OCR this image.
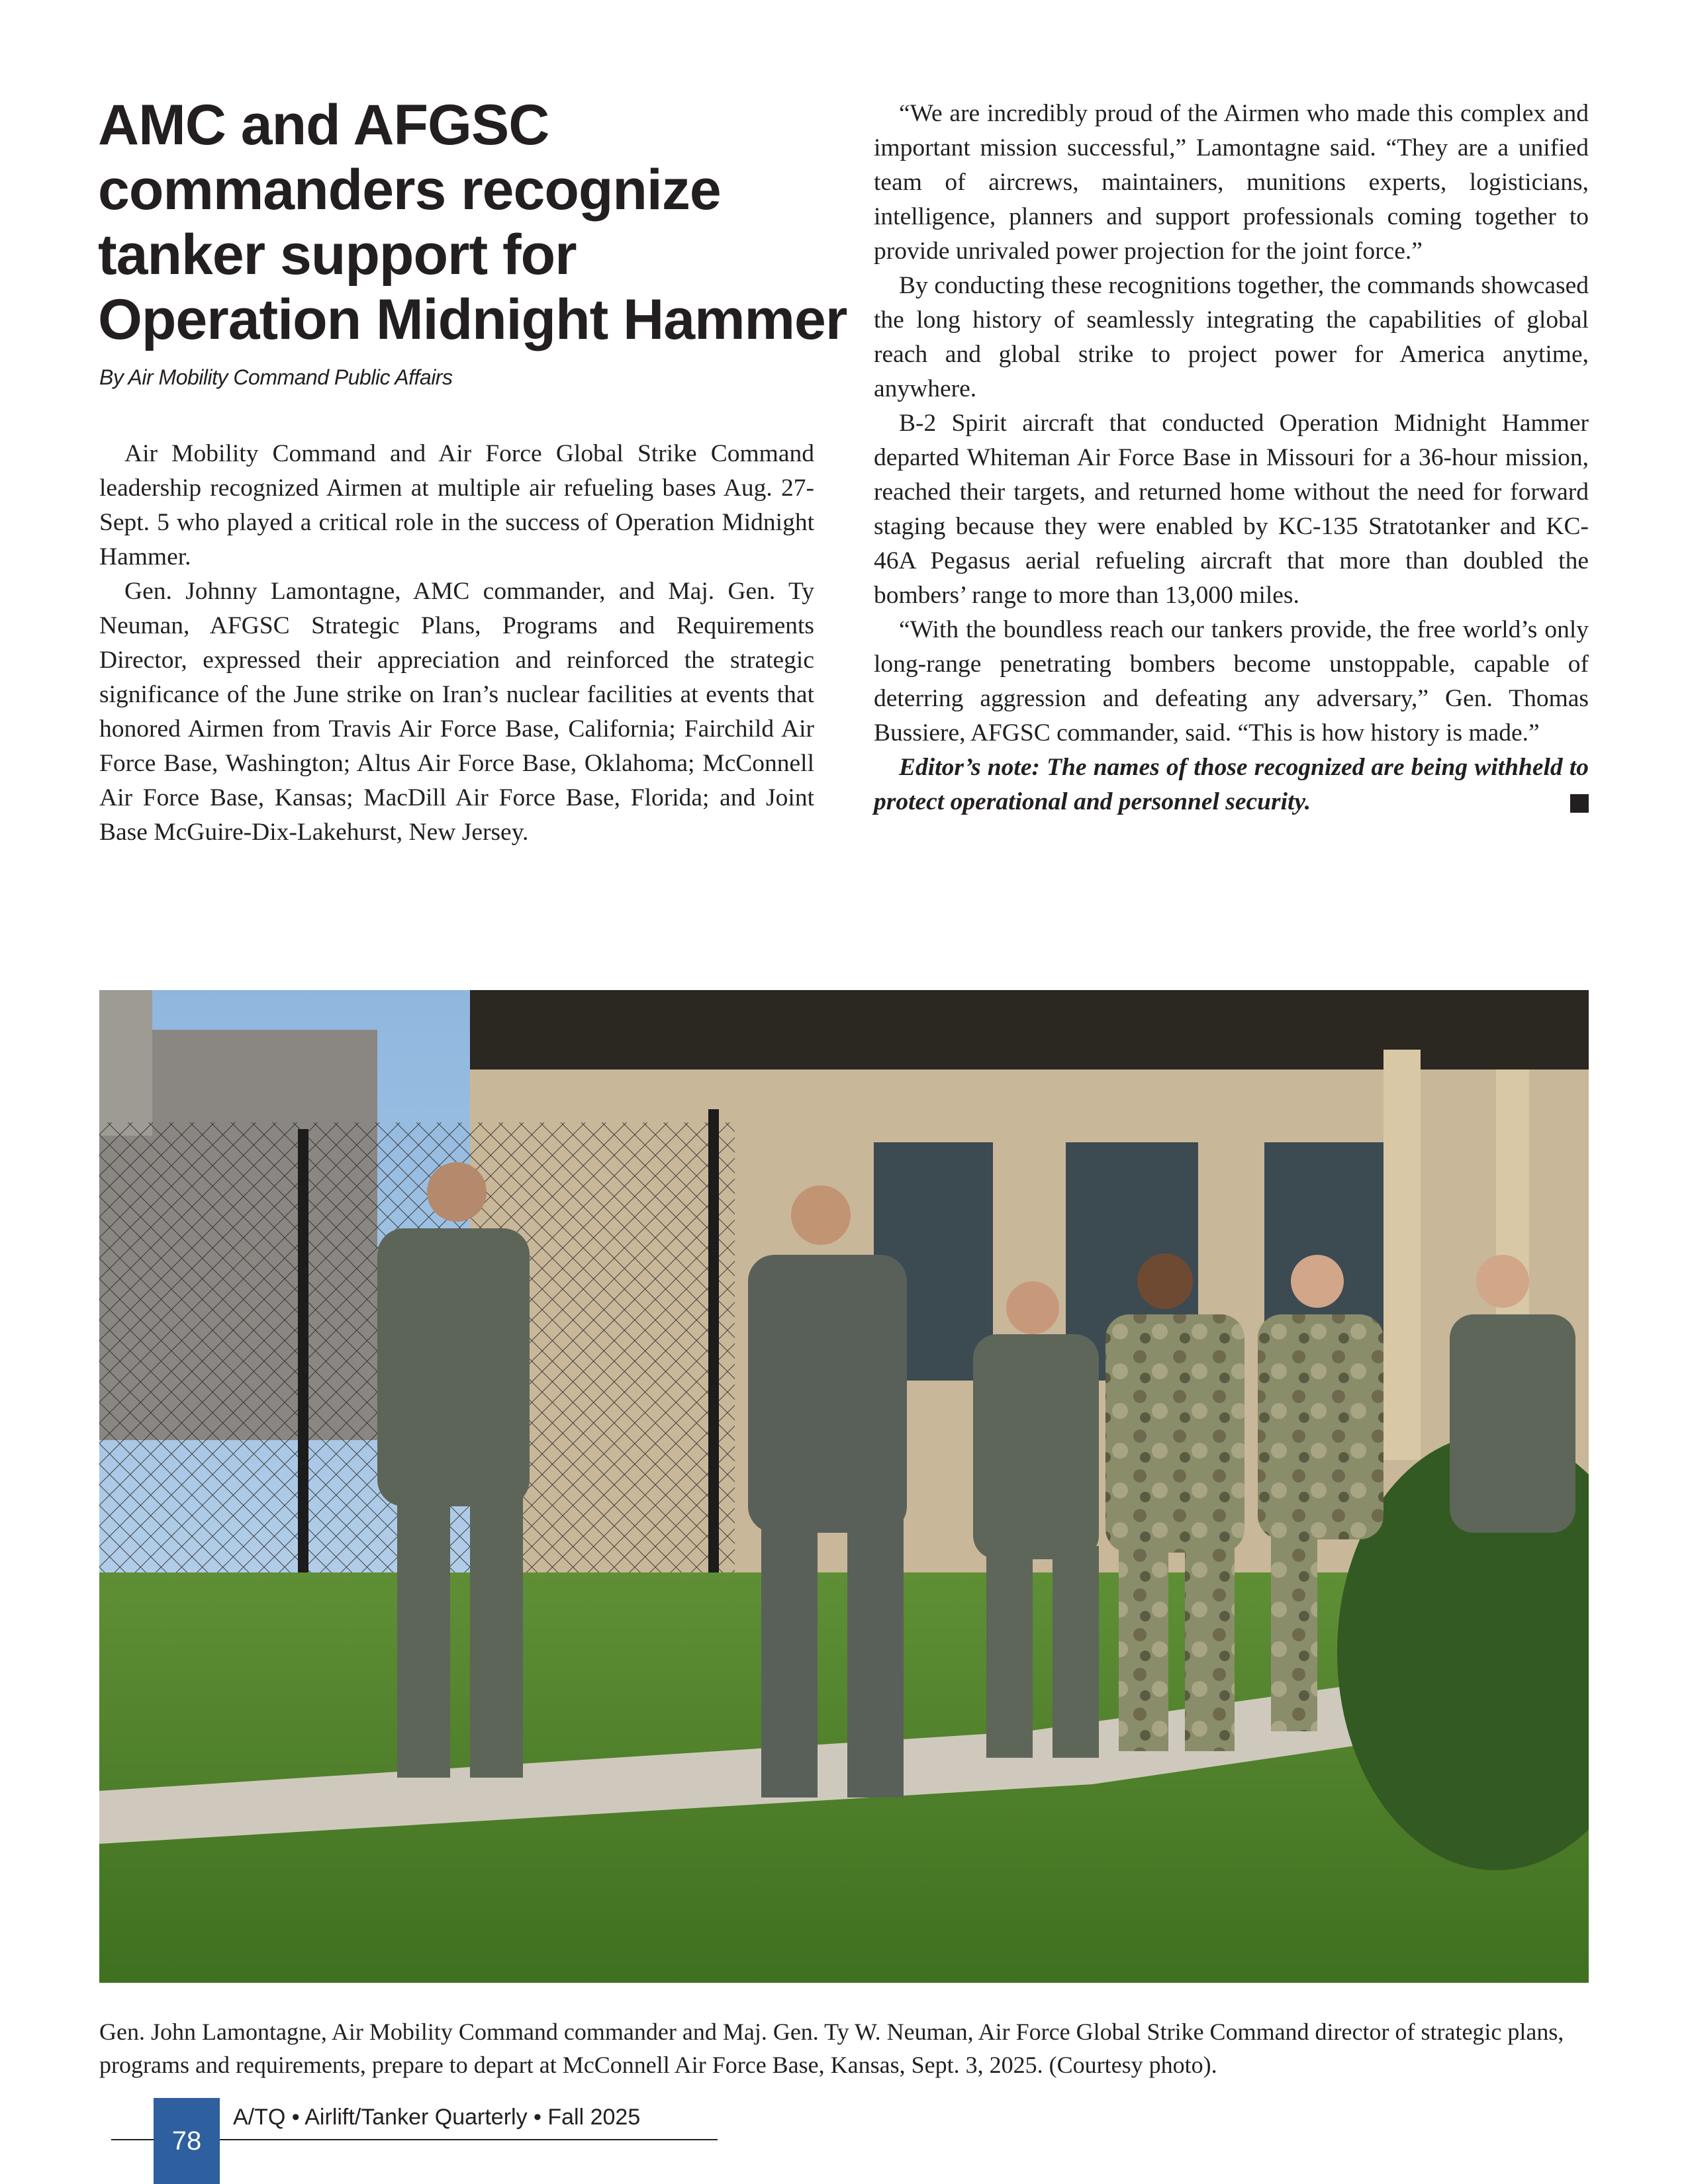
AMC and AFGSC
commanders recognize
tanker support for
Operation Midnight Hammer
By Air Mobility Command Public Affairs

Air Mobility Command and Air Force Global Strike Command leadership recognized Airmen at multiple air refueling bases Aug. 27-Sept. 5 who played a critical role in the success of Operation Midnight Hammer.

Gen. Johnny Lamontagne, AMC commander, and Maj. Gen. Ty Neuman, AFGSC Strategic Plans, Programs and Requirements Director, expressed their appreciation and reinforced the strategic significance of the June strike on Iran’s nuclear facilities at events that honored Airmen from Travis Air Force Base, California; Fairchild Air Force Base, Washington; Altus Air Force Base, Oklahoma; McConnell Air Force Base, Kansas; MacDill Air Force Base, Florida; and Joint Base McGuire-Dix-Lakehurst, New Jersey.

“We are incredibly proud of the Airmen who made this complex and important mission successful,” Lamontagne said. “They are a unified team of aircrews, maintainers, munitions experts, logisticians, intelligence, planners and support professionals coming together to provide unrivaled power projection for the joint force.”

By conducting these recognitions together, the commands showcased the long history of seamlessly integrating the capabilities of global reach and global strike to project power for America anytime, anywhere.

B-2 Spirit aircraft that conducted Operation Midnight Hammer departed Whiteman Air Force Base in Missouri for a 36-hour mission, reached their targets, and returned home without the need for forward staging because they were enabled by KC-135 Stratotanker and KC-46A Pegasus aerial refueling aircraft that more than doubled the bombers’ range to more than 13,000 miles.

“With the boundless reach our tankers provide, the free world’s only long-range penetrating bombers become unstoppable, capable of deterring aggression and defeating any adversary,” Gen. Thomas Bussiere, AFGSC commander, said. “This is how history is made.”

Editor’s note: The names of those recognized are being withheld to protect operational and personnel security.

Gen. John Lamontagne, Air Mobility Command commander and Maj. Gen. Ty W. Neuman, Air Force Global Strike Command director of strategic plans, programs and requirements, prepare to depart at McConnell Air Force Base, Kansas, Sept. 3, 2025. (Courtesy photo).

78
A/TQ • Airlift/Tanker Quarterly • Fall 2025
